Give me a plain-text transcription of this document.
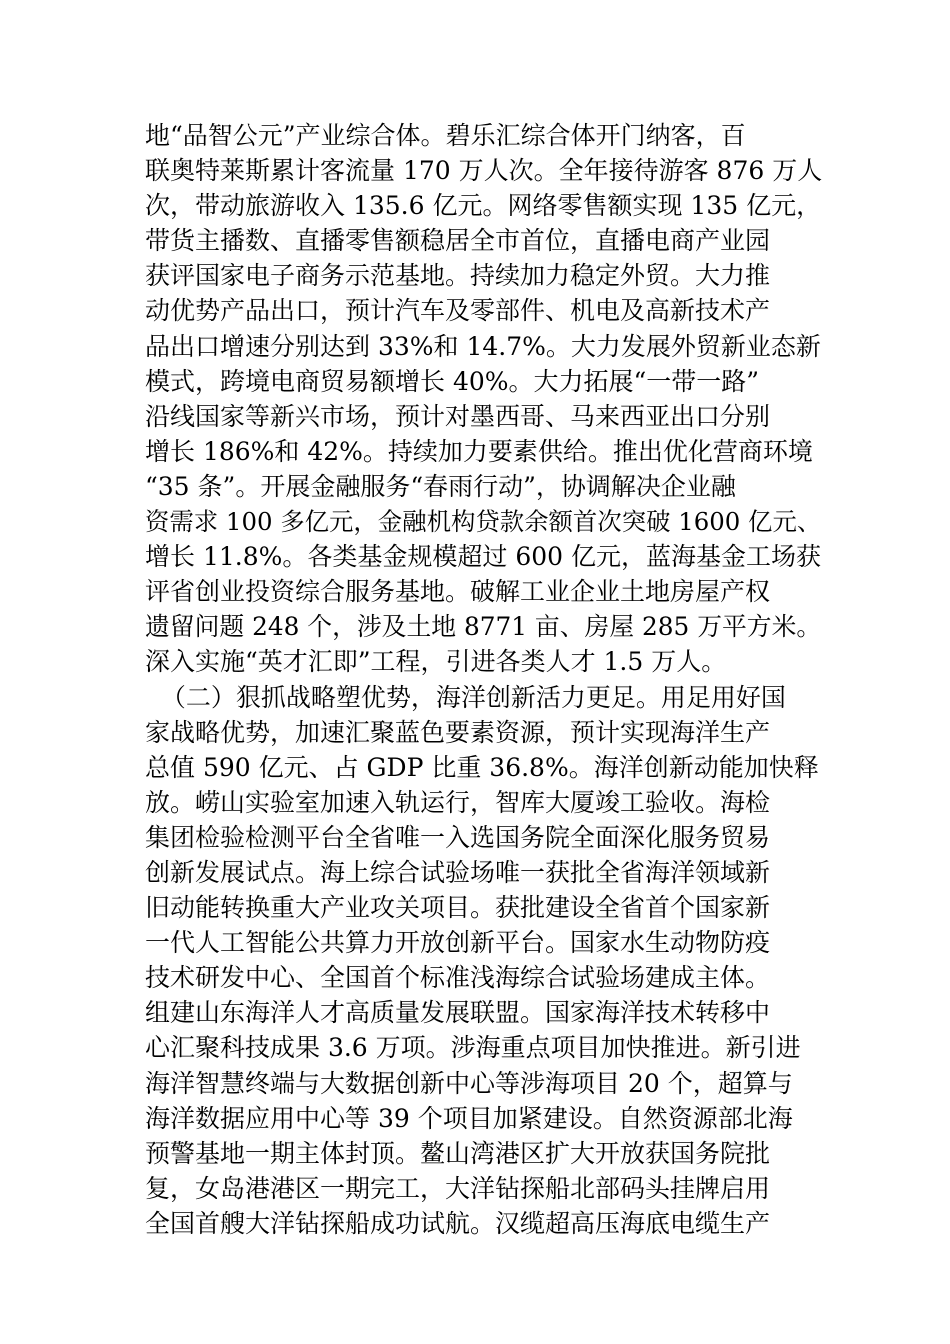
地“品智公元”产业综合体。碧乐汇综合体开门纳客，百
联奥特莱斯累计客流量 170 万人次。全年接待游客 876 万人
次，带动旅游收入 135.6 亿元。网络零售额实现 135 亿元，
带货主播数、直播零售额稳居全市首位，直播电商产业园
获评国家电子商务示范基地。持续加力稳定外贸。大力推
动优势产品出口，预计汽车及零部件、机电及高新技术产
品出口增速分别达到 33%和 14.7%。大力发展外贸新业态新
模式，跨境电商贸易额增长 40%。大力拓展“一带一路”
沿线国家等新兴市场，预计对墨西哥、马来西亚出口分别
增长 186%和 42%。持续加力要素供给。推出优化营商环境
“35 条”。开展金融服务“春雨行动”，协调解决企业融
资需求 100 多亿元，金融机构贷款余额首次突破 1600 亿元、
增长 11.8%。各类基金规模超过 600 亿元，蓝海基金工场获
评省创业投资综合服务基地。破解工业企业土地房屋产权
遗留问题 248 个，涉及土地 8771 亩、房屋 285 万平方米。
深入实施“英才汇即”工程，引进各类人才 1.5 万人。
（二）狠抓战略塑优势，海洋创新活力更足。用足用好国
家战略优势，加速汇聚蓝色要素资源，预计实现海洋生产
总值 590 亿元、占 GDP 比重 36.8%。海洋创新动能加快释
放。崂山实验室加速入轨运行，智库大厦竣工验收。海检
集团检验检测平台全省唯一入选国务院全面深化服务贸易
创新发展试点。海上综合试验场唯一获批全省海洋领域新
旧动能转换重大产业攻关项目。获批建设全省首个国家新
一代人工智能公共算力开放创新平台。国家水生动物防疫
技术研发中心、全国首个标准浅海综合试验场建成主体。
组建山东海洋人才高质量发展联盟。国家海洋技术转移中
心汇聚科技成果 3.6 万项。涉海重点项目加快推进。新引进
海洋智慧终端与大数据创新中心等涉海项目 20 个，超算与
海洋数据应用中心等 39 个项目加紧建设。自然资源部北海
预警基地一期主体封顶。鳌山湾港区扩大开放获国务院批
复，女岛港港区一期完工，大洋钻探船北部码头挂牌启用
全国首艘大洋钻探船成功试航。汉缆超高压海底电缆生产
